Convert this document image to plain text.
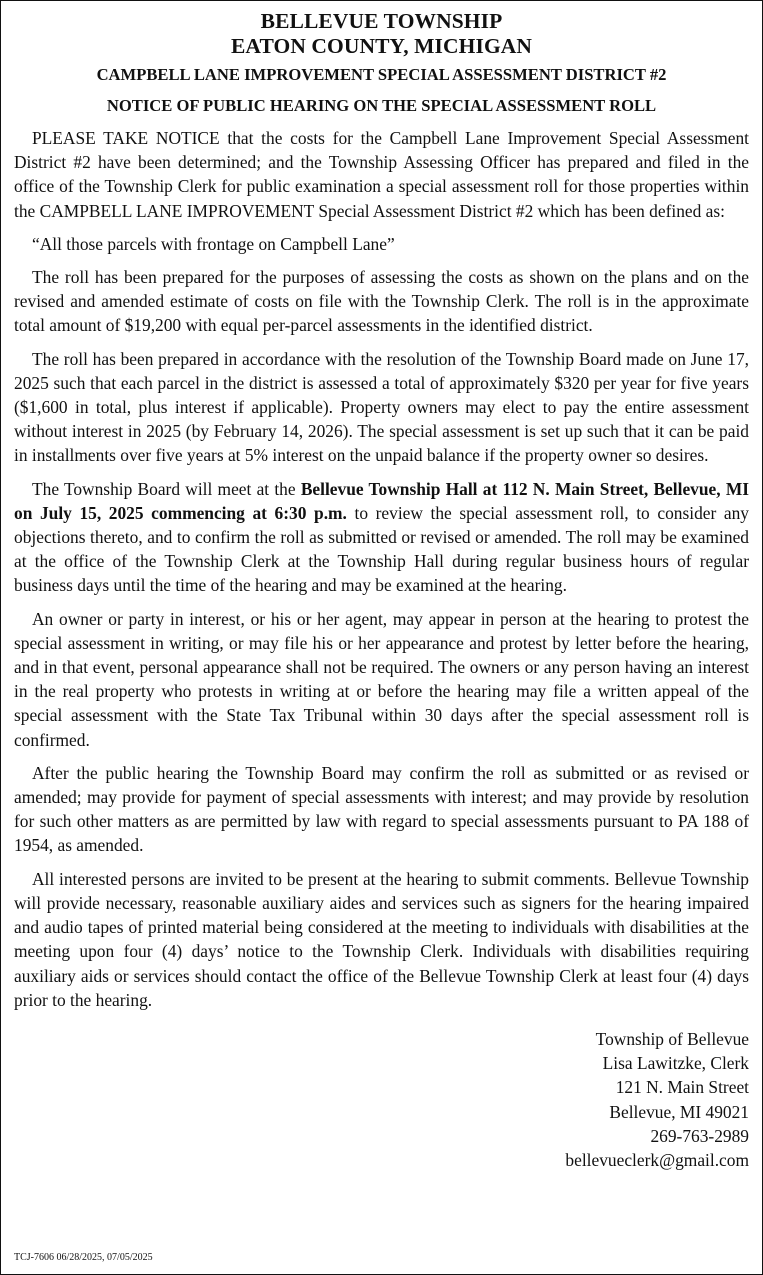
BELLEVUE TOWNSHIP
EATON COUNTY, MICHIGAN
CAMPBELL LANE IMPROVEMENT SPECIAL ASSESSMENT DISTRICT #2
NOTICE OF PUBLIC HEARING ON THE SPECIAL ASSESSMENT ROLL

PLEASE TAKE NOTICE that the costs for the Campbell Lane Improvement Special Assessment District #2 have been determined; and the Township Assessing Officer has prepared and filed in the office of the Township Clerk for public examination a special assessment roll for those properties within the CAMPBELL LANE IMPROVEMENT Special Assessment District #2 which has been defined as:

“All those parcels with frontage on Campbell Lane”

The roll has been prepared for the purposes of assessing the costs as shown on the plans and on the revised and amended estimate of costs on file with the Township Clerk. The roll is in the approximate total amount of $19,200 with equal per-parcel assessments in the identified district.

The roll has been prepared in accordance with the resolution of the Township Board made on June 17, 2025 such that each parcel in the district is assessed a total of approximately $320 per year for five years ($1,600 in total, plus interest if applicable). Property owners may elect to pay the entire assessment without interest in 2025 (by February 14, 2026). The special assessment is set up such that it can be paid in installments over five years at 5% interest on the unpaid balance if the property owner so desires.

The Township Board will meet at the Bellevue Township Hall at 112 N. Main Street, Bellevue, MI on July 15, 2025 commencing at 6:30 p.m. to review the special assessment roll, to consider any objections thereto, and to confirm the roll as submitted or revised or amended. The roll may be examined at the office of the Township Clerk at the Township Hall during regular business hours of regular business days until the time of the hearing and may be examined at the hearing.

An owner or party in interest, or his or her agent, may appear in person at the hearing to protest the special assessment in writing, or may file his or her appearance and protest by letter before the hearing, and in that event, personal appearance shall not be required. The owners or any person having an interest in the real property who protests in writing at or before the hearing may file a written appeal of the special assessment with the State Tax Tribunal within 30 days after the special assessment roll is confirmed.

After the public hearing the Township Board may confirm the roll as submitted or as revised or amended; may provide for payment of special assessments with interest; and may provide by resolution for such other matters as are permitted by law with regard to special assessments pursuant to PA 188 of 1954, as amended.

All interested persons are invited to be present at the hearing to submit comments. Bellevue Township will provide necessary, reasonable auxiliary aides and services such as signers for the hearing impaired and audio tapes of printed material being considered at the meeting to individuals with disabilities at the meeting upon four (4) days’ notice to the Township Clerk. Individuals with disabilities requiring auxiliary aids or services should contact the office of the Bellevue Township Clerk at least four (4) days prior to the hearing.

Township of Bellevue
Lisa Lawitzke, Clerk
121 N. Main Street
Bellevue, MI 49021
269-763-2989
bellevueclerk@gmail.com
TCJ-7606 06/28/2025, 07/05/2025
